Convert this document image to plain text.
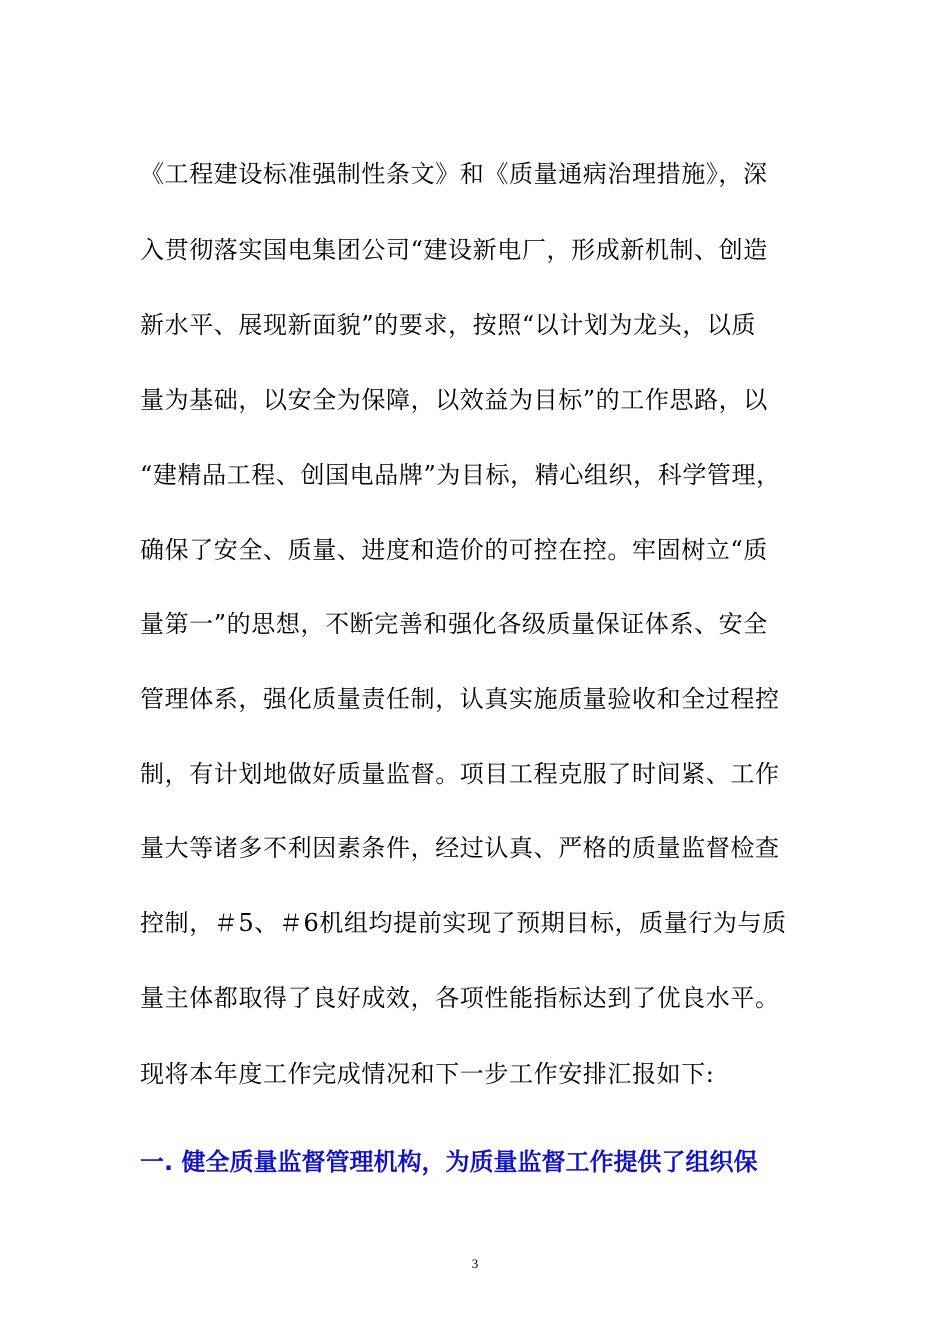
《工程建设标准强制性条文》和《质量通病治理措施》，深
入贯彻落实国电集团公司“建设新电厂，形成新机制、创造
新水平、展现新面貌”的要求，按照“以计划为龙头，以质
量为基础，以安全为保障，以效益为目标”的工作思路，以
“建精品工程、创国电品牌”为目标，精心组织，科学管理，
确保了安全、质量、进度和造价的可控在控。牢固树立“质
量第一”的思想，不断完善和强化各级质量保证体系、安全
管理体系，强化质量责任制，认真实施质量验收和全过程控
制，有计划地做好质量监督。项目工程克服了时间紧、工作
量大等诸多不利因素条件，经过认真、严格的质量监督检查
控制，＃5、＃6机组均提前实现了预期目标，质量行为与质
量主体都取得了良好成效，各项性能指标达到了优良水平。
现将本年度工作完成情况和下一步工作安排汇报如下:
一. 健全质量监督管理机构，为质量监督工作提供了组织保
3
